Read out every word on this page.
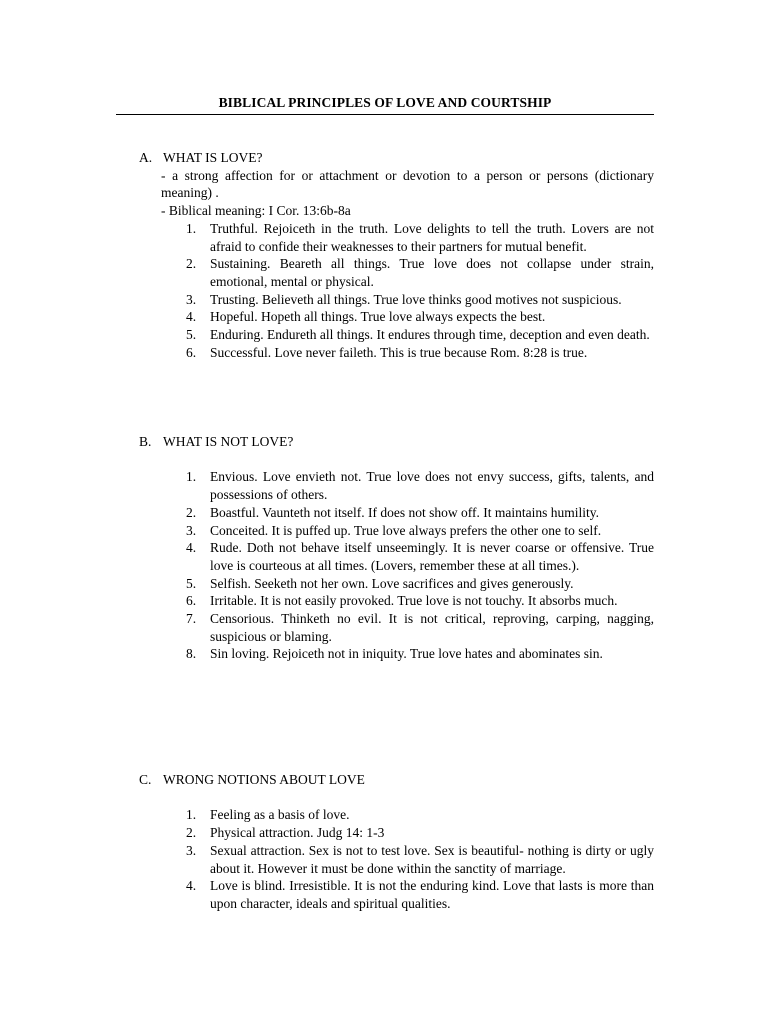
BIBLICAL PRINCIPLES OF LOVE AND COURTSHIP
A. WHAT IS LOVE?
- a strong affection for or attachment or devotion to a person or persons (dictionary meaning) .
- Biblical meaning: I Cor. 13:6b-8a
1.	Truthful. Rejoiceth in the truth. Love delights to tell the truth. Lovers are not afraid to confide their weaknesses to their partners for mutual benefit.
2.	Sustaining. Beareth all things. True love does not collapse under strain, emotional, mental or physical.
3.	Trusting. Believeth all things. True love thinks good motives not suspicious.
4.	Hopeful. Hopeth all things. True love always expects the best.
5.	Enduring. Endureth all things. It endures through time, deception and even death.
6.	Successful. Love never faileth. This is true because Rom. 8:28 is true.
B. WHAT IS NOT LOVE?
1.	Envious. Love envieth not. True love does not envy success, gifts, talents, and possessions of others.
2.	Boastful. Vaunteth not itself. If does not show off. It maintains humility.
3.	Conceited. It is puffed up. True love always prefers the other one to self.
4.	Rude. Doth not behave itself unseemingly. It is never coarse or offensive. True love is courteous at all times. (Lovers, remember these at all times.).
5.	Selfish. Seeketh not her own. Love sacrifices and gives generously.
6.	Irritable. It is not easily provoked. True love is not touchy. It absorbs much.
7.	Censorious. Thinketh no evil. It is not critical, reproving, carping, nagging, suspicious or blaming.
8.	Sin loving. Rejoiceth not in iniquity. True love hates and abominates sin.
C. WRONG NOTIONS ABOUT LOVE
1.	Feeling as a basis of love.
2.	Physical attraction. Judg 14: 1-3
3.	Sexual attraction. Sex is not to test love. Sex is beautiful- nothing is dirty or ugly about it. However it must be done within the sanctity of marriage.
4.	Love is blind. Irresistible. It is not the enduring kind. Love that lasts is more than upon character, ideals and spiritual qualities.
